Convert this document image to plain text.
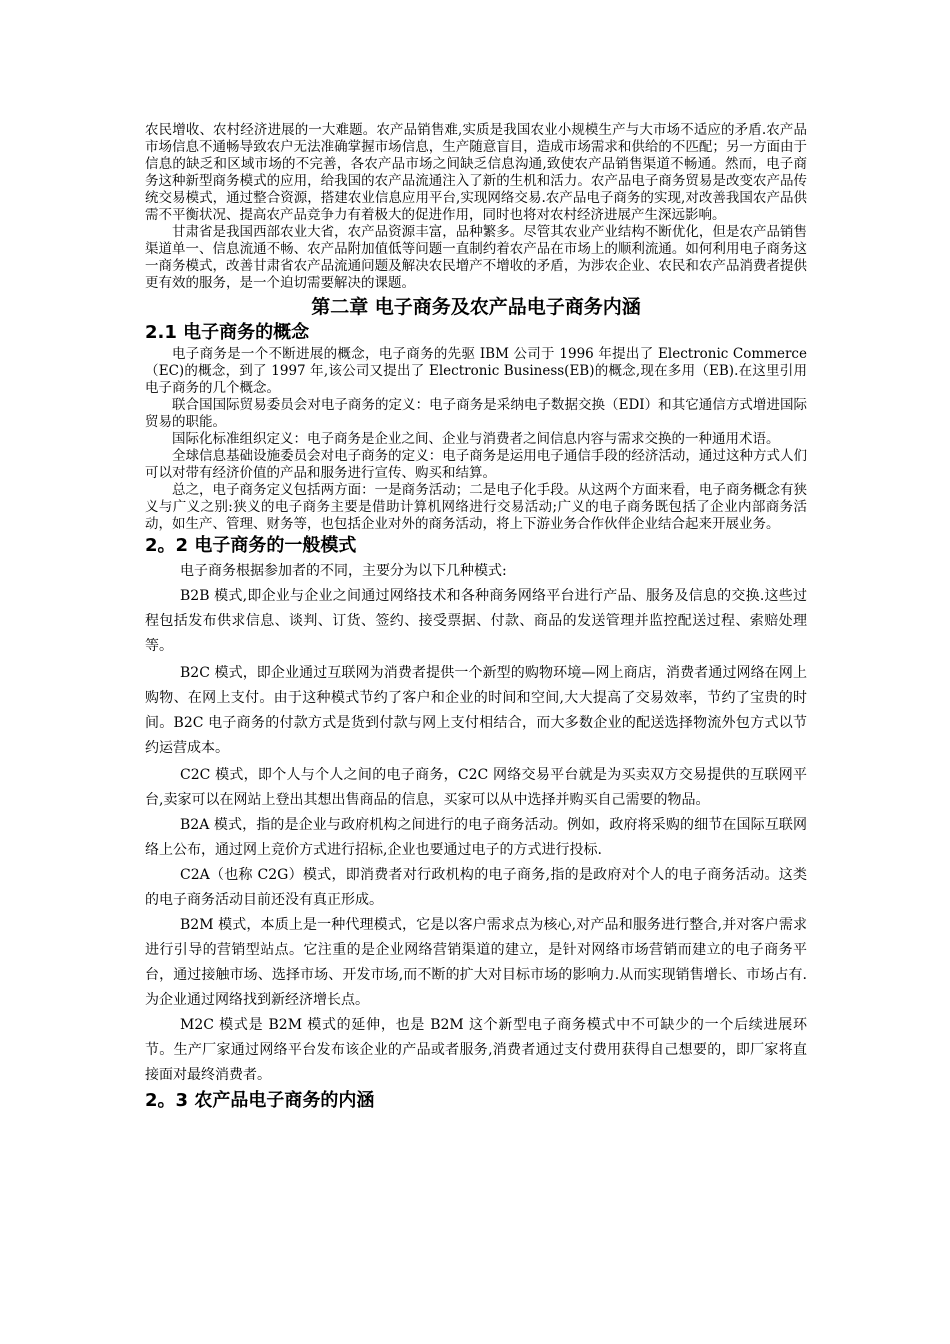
农民增收、农村经济进展的一大难题。农产品销售难,实质是我国农业小规模生产与大市场不适应的矛盾.农产品市场信息不通畅导致农户无法准确掌握市场信息，生产随意盲目，造成市场需求和供给的不匹配；另一方面由于信息的缺乏和区域市场的不完善，各农产品市场之间缺乏信息沟通,致使农产品销售渠道不畅通。然而，电子商务这种新型商务模式的应用，给我国的农产品流通注入了新的生机和活力。农产品电子商务贸易是改变农产品传统交易模式，通过整合资源，搭建农业信息应用平台,实现网络交易.农产品电子商务的实现,对改善我国农产品供需不平衡状况、提高农产品竞争力有着极大的促进作用，同时也将对农村经济进展产生深远影响。

甘肃省是我国西部农业大省，农产品资源丰富，品种繁多。尽管其农业产业结构不断优化，但是农产品销售渠道单一、信息流通不畅、农产品附加值低等问题一直制约着农产品在市场上的顺利流通。如何利用电子商务这一商务模式，改善甘肃省农产品流通问题及解决农民增产不增收的矛盾，为涉农企业、农民和农产品消费者提供更有效的服务，是一个迫切需要解决的课题。

第二章 电子商务及农产品电子商务内涵
2.1 电子商务的概念

电子商务是一个不断进展的概念，电子商务的先驱 IBM 公司于 1996 年提出了 Electronic Commerce（EC)的概念，到了 1997 年,该公司又提出了 Electronic Business(EB)的概念,现在多用（EB).在这里引用电子商务的几个概念。

联合国国际贸易委员会对电子商务的定义：电子商务是采纳电子数据交换（EDI）和其它通信方式增进国际贸易的职能。

国际化标准组织定义：电子商务是企业之间、企业与消费者之间信息内容与需求交换的一种通用术语。

全球信息基础设施委员会对电子商务的定义：电子商务是运用电子通信手段的经济活动，通过这种方式人们可以对带有经济价值的产品和服务进行宣传、购买和结算。

总之，电子商务定义包括两方面：一是商务活动；二是电子化手段。从这两个方面来看，电子商务概念有狭义与广义之别:狭义的电子商务主要是借助计算机网络进行交易活动;广义的电子商务既包括了企业内部商务活动，如生产、管理、财务等，也包括企业对外的商务活动，将上下游业务合作伙伴企业结合起来开展业务。

2。2 电子商务的一般模式

电子商务根据参加者的不同，主要分为以下几种模式:

B2B 模式,即企业与企业之间通过网络技术和各种商务网络平台进行产品、服务及信息的交换.这些过程包括发布供求信息、谈判、订货、签约、接受票据、付款、商品的发送管理并监控配送过程、索赔处理等。

B2C 模式，即企业通过互联网为消费者提供一个新型的购物环境—网上商店，消费者通过网络在网上购物、在网上支付。由于这种模式节约了客户和企业的时间和空间,大大提高了交易效率，节约了宝贵的时间。B2C 电子商务的付款方式是货到付款与网上支付相结合，而大多数企业的配送选择物流外包方式以节约运营成本。

C2C 模式，即个人与个人之间的电子商务，C2C 网络交易平台就是为买卖双方交易提供的互联网平台,卖家可以在网站上登出其想出售商品的信息，买家可以从中选择并购买自己需要的物品。

B2A 模式，指的是企业与政府机构之间进行的电子商务活动。例如，政府将采购的细节在国际互联网络上公布，通过网上竞价方式进行招标,企业也要通过电子的方式进行投标.

C2A（也称 C2G）模式，即消费者对行政机构的电子商务,指的是政府对个人的电子商务活动。这类的电子商务活动目前还没有真正形成。

B2M 模式，本质上是一种代理模式，它是以客户需求点为核心,对产品和服务进行整合,并对客户需求进行引导的营销型站点。它注重的是企业网络营销渠道的建立，是针对网络市场营销而建立的电子商务平台，通过接触市场、选择市场、开发市场,而不断的扩大对目标市场的影响力.从而实现销售增长、市场占有.为企业通过网络找到新经济增长点。

M2C 模式是 B2M 模式的延伸，也是 B2M 这个新型电子商务模式中不可缺少的一个后续进展环节。生产厂家通过网络平台发布该企业的产品或者服务,消费者通过支付费用获得自己想要的，即厂家将直接面对最终消费者。

2。3 农产品电子商务的内涵
